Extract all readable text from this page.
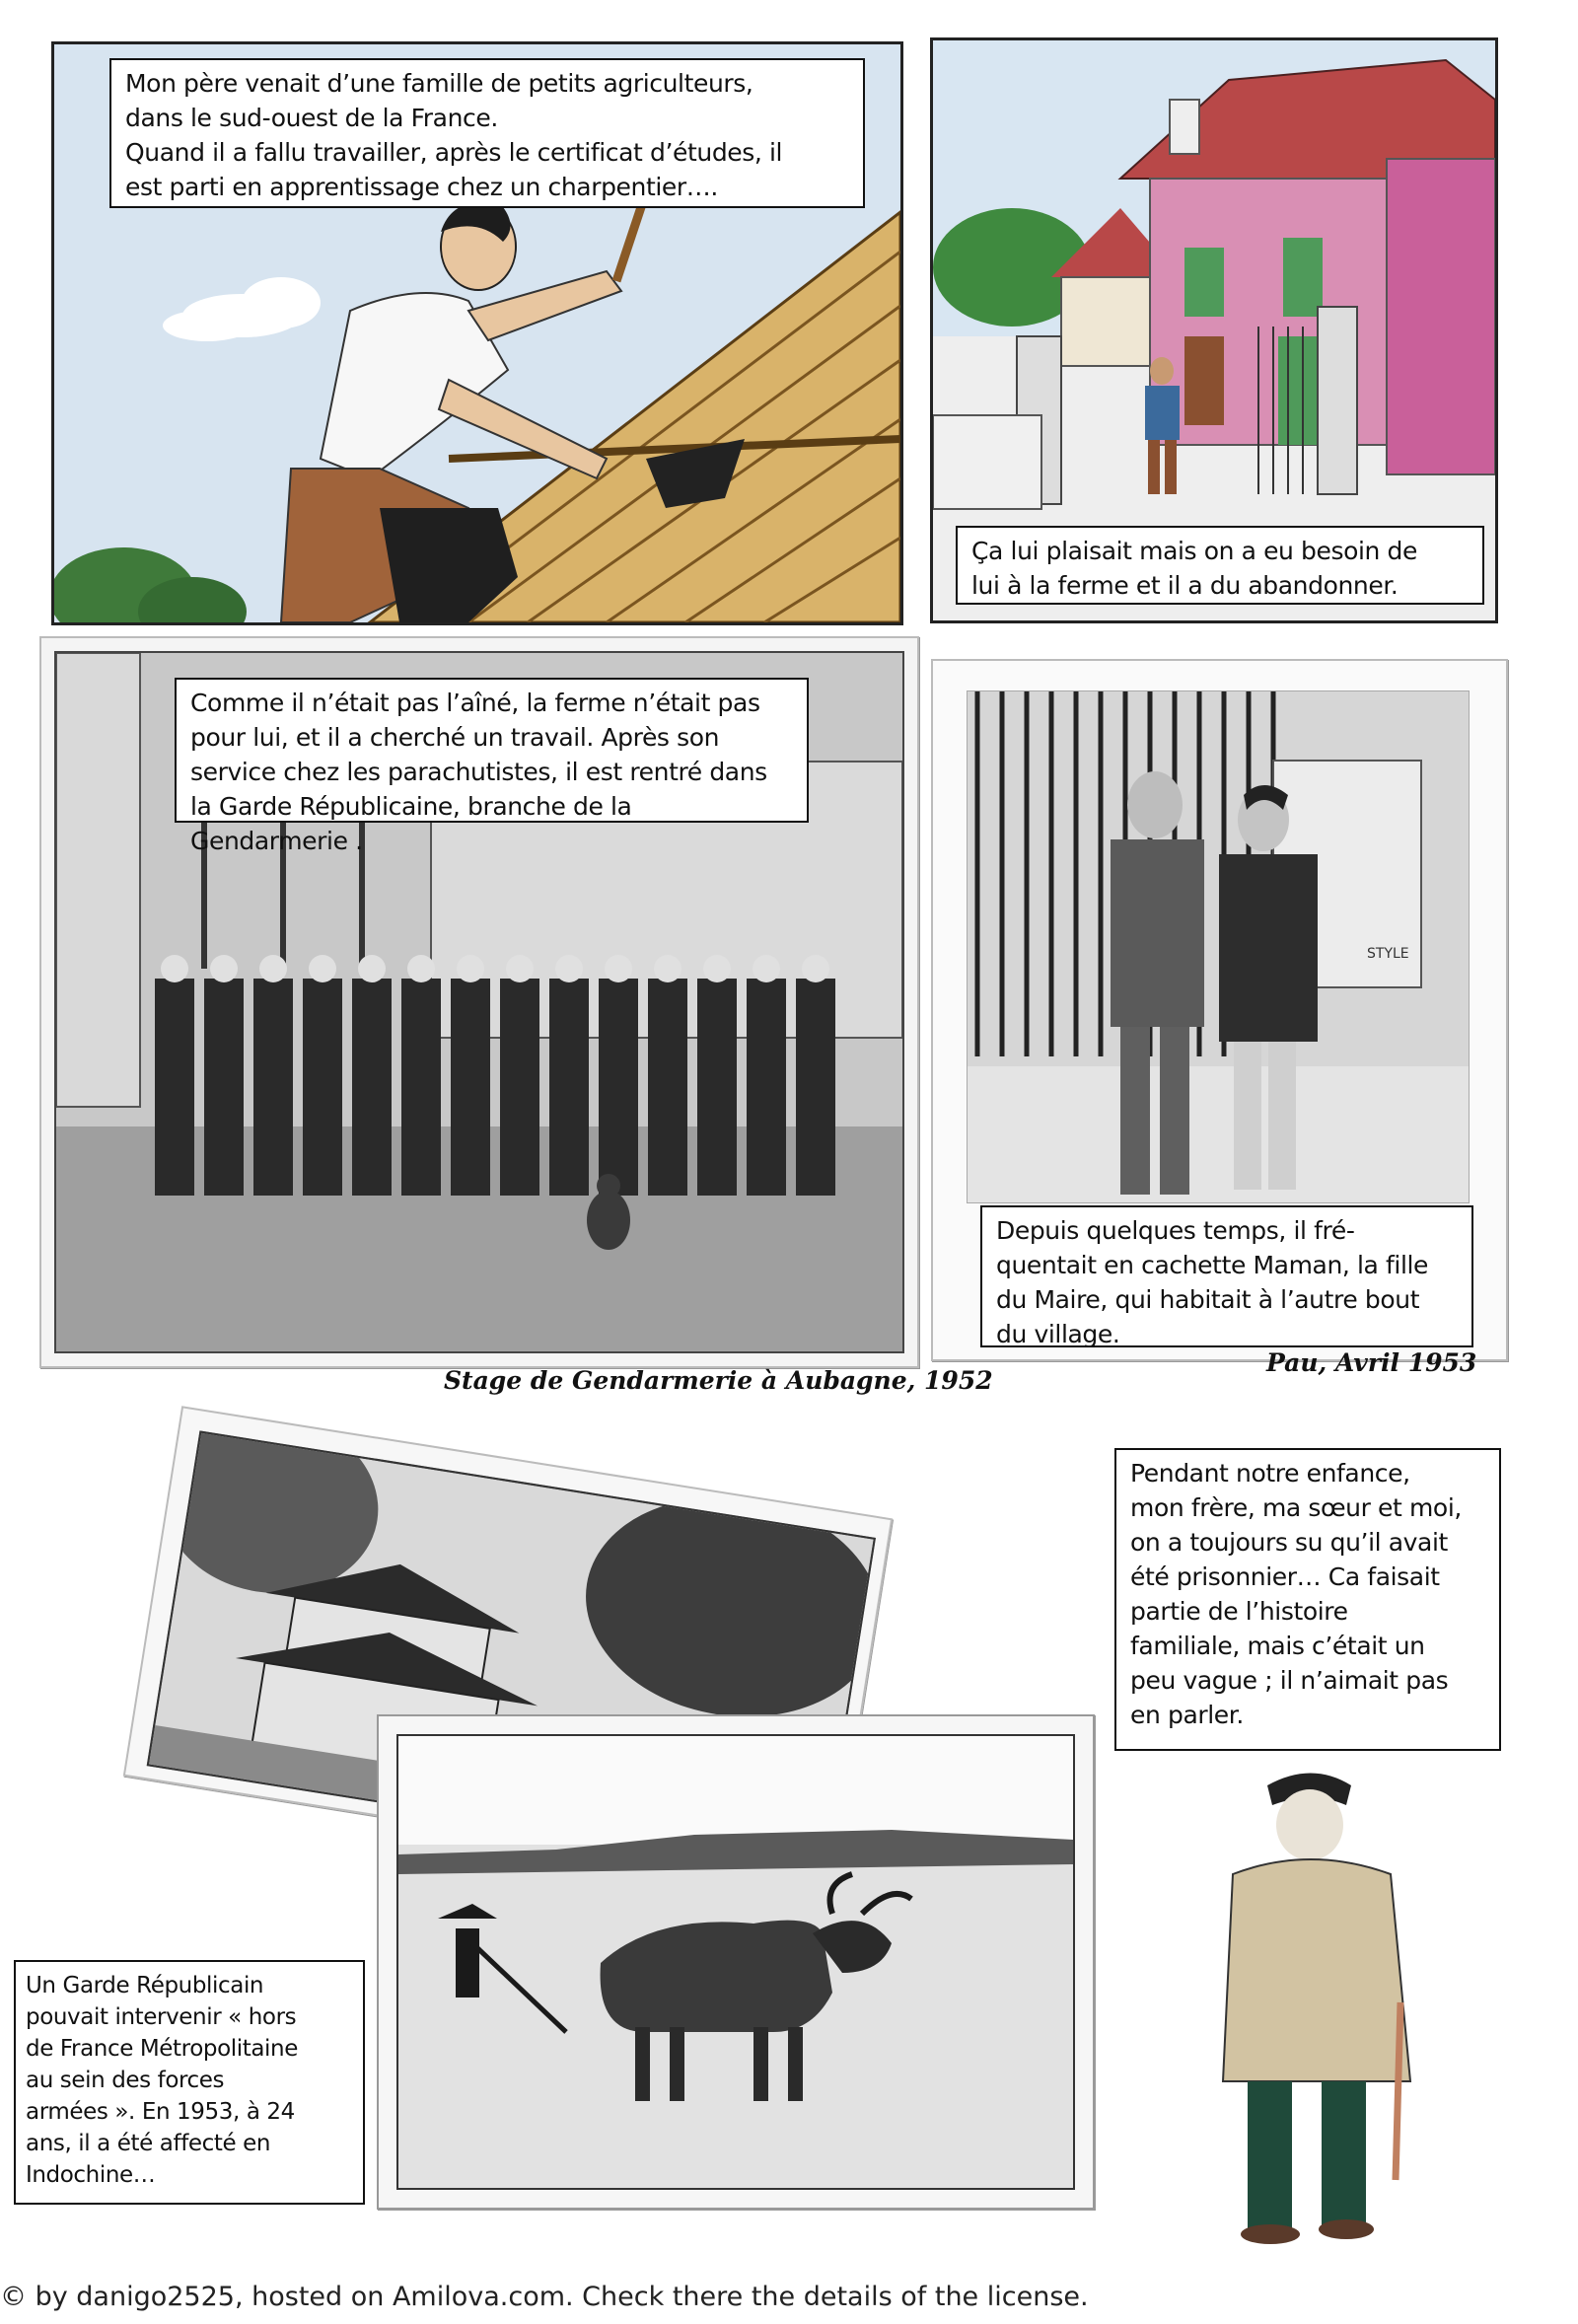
Mon père venait d’une famille de petits agriculteurs,
dans le sud-ouest de la France.
Quand il a fallu travailler, après le certificat d’études, il
est parti en apprentissage chez un charpentier….
Ça lui plaisait mais on a eu besoin de
lui à la ferme et il a du abandonner.
Comme il n’était pas l’aîné, la ferme n’était pas
pour lui, et il a cherché un travail. Après son
service chez les parachutistes, il est rentré dans
la Garde Républicaine, branche de la Gendarmerie .
Stage de Gendarmerie à Aubagne, 1952
STYLE
Depuis quelques temps, il fré-
quentait en cachette Maman, la fille
du Maire, qui habitait à l’autre bout
du village.
Pau, Avril 1953
Pendant notre enfance,
mon frère, ma sœur et moi,
on a toujours su qu’il avait
été prisonnier… Ca faisait
partie de l’histoire
familiale, mais c’était un
peu vague ; il n’aimait pas
en parler.
Un Garde Républicain
pouvait intervenir « hors
de France Métropolitaine
au sein des forces
armées ». En 1953, à 24
ans, il a été affecté en
Indochine…
© by danigo2525, hosted on Amilova.com. Check there the details of the license.
